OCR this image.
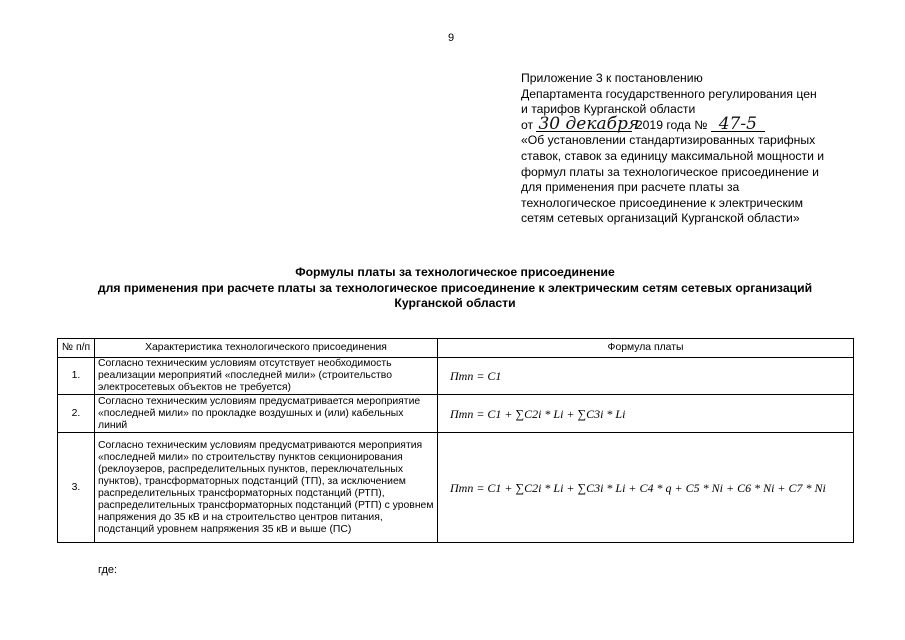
9
Приложение 3 к постановлению
Департамента государственного регулирования цен
и тарифов Курганской области
от 30 декабря 2019 года № 47-5
«Об установлении стандартизированных тарифных
ставок, ставок за единицу максимальной мощности и
формул платы за технологическое присоединение и
для применения при расчете платы за
технологическое присоединение к электрическим
сетям сетевых организаций Курганской области»
Формулы платы за технологическое присоединение
для применения при расчете платы за технологическое присоединение к электрическим сетям сетевых организаций
Курганской области
№ п/п	Характеристика технологического присоединения	Формула платы
1.	Согласно техническим условиям отсутствует необходимость реализации мероприятий «последней мили» (строительство электросетевых объектов не требуется)	Птп = C1
2.	Согласно техническим условиям предусматривается мероприятие «последней мили» по прокладке воздушных и (или) кабельных линий	Птп = C1 + ∑C2i * Li + ∑C3i * Li
3.	Согласно техническим условиям предусматриваются мероприятия «последней мили» по строительству пунктов секционирования (реклоузеров, распределительных пунктов, переключательных пунктов), трансформаторных подстанций (ТП), за исключением распределительных трансформаторных подстанций (РТП), распределительных трансформаторных подстанций (РТП) с уровнем напряжения до 35 кВ и на строительство центров питания, подстанций уровнем напряжения 35 кВ и выше (ПС)	Птп = C1 + ∑C2i * Li + ∑C3i * Li + C4 * q + C5 * Ni + C6 * Ni + C7 * Ni
где:
